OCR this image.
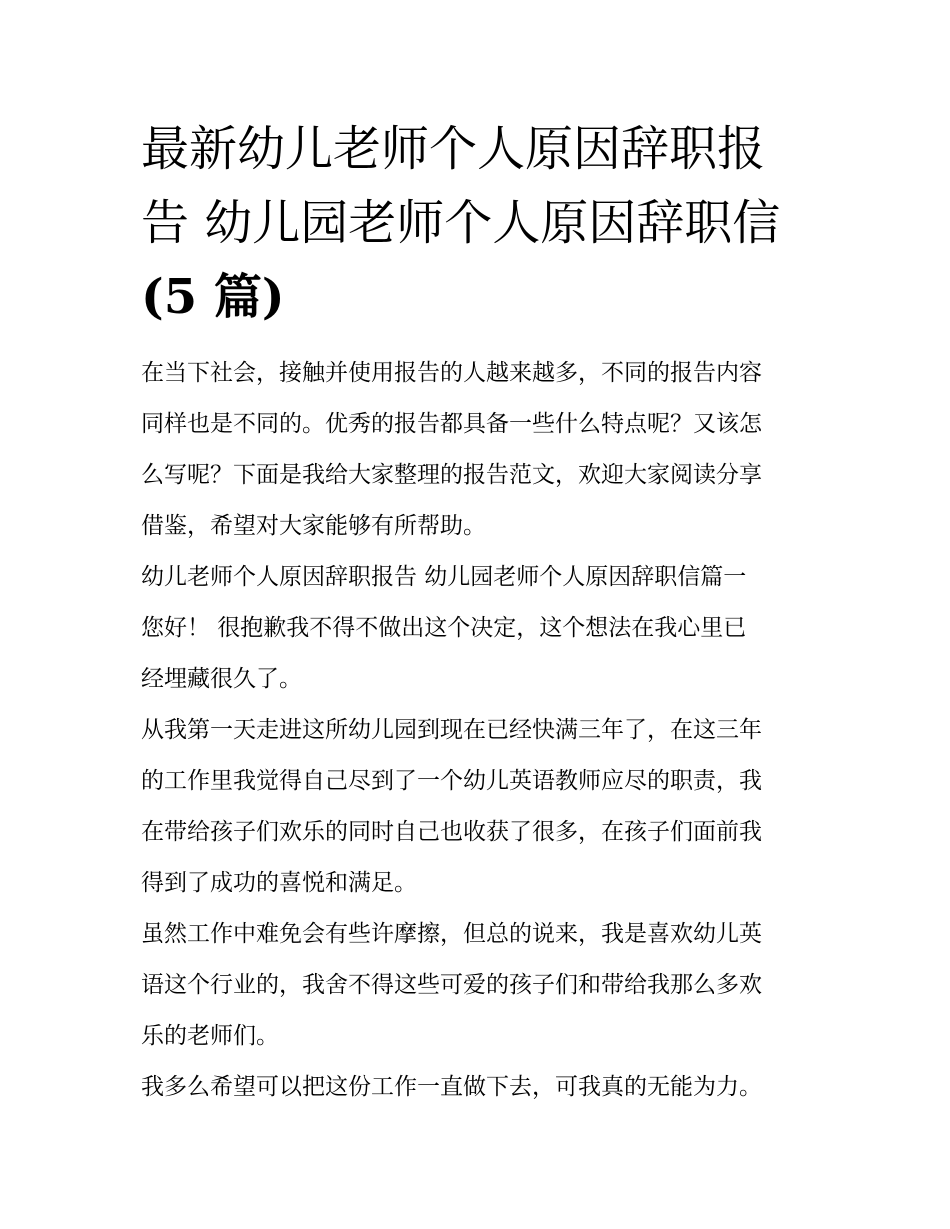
最新幼儿老师个人原因辞职报
告 幼儿园老师个人原因辞职信
(5 篇)
在当下社会，接触并使用报告的人越来越多，不同的报告内容
同样也是不同的。优秀的报告都具备一些什么特点呢？又该怎
么写呢？下面是我给大家整理的报告范文，欢迎大家阅读分享
借鉴，希望对大家能够有所帮助。
幼儿老师个人原因辞职报告 幼儿园老师个人原因辞职信篇一
您好！ 很抱歉我不得不做出这个决定，这个想法在我心里已
经埋藏很久了。
从我第一天走进这所幼儿园到现在已经快满三年了，在这三年
的工作里我觉得自己尽到了一个幼儿英语教师应尽的职责，我
在带给孩子们欢乐的同时自己也收获了很多，在孩子们面前我
得到了成功的喜悦和满足。
虽然工作中难免会有些许摩擦，但总的说来，我是喜欢幼儿英
语这个行业的，我舍不得这些可爱的孩子们和带给我那么多欢
乐的老师们。
我多么希望可以把这份工作一直做下去，可我真的无能为力。
